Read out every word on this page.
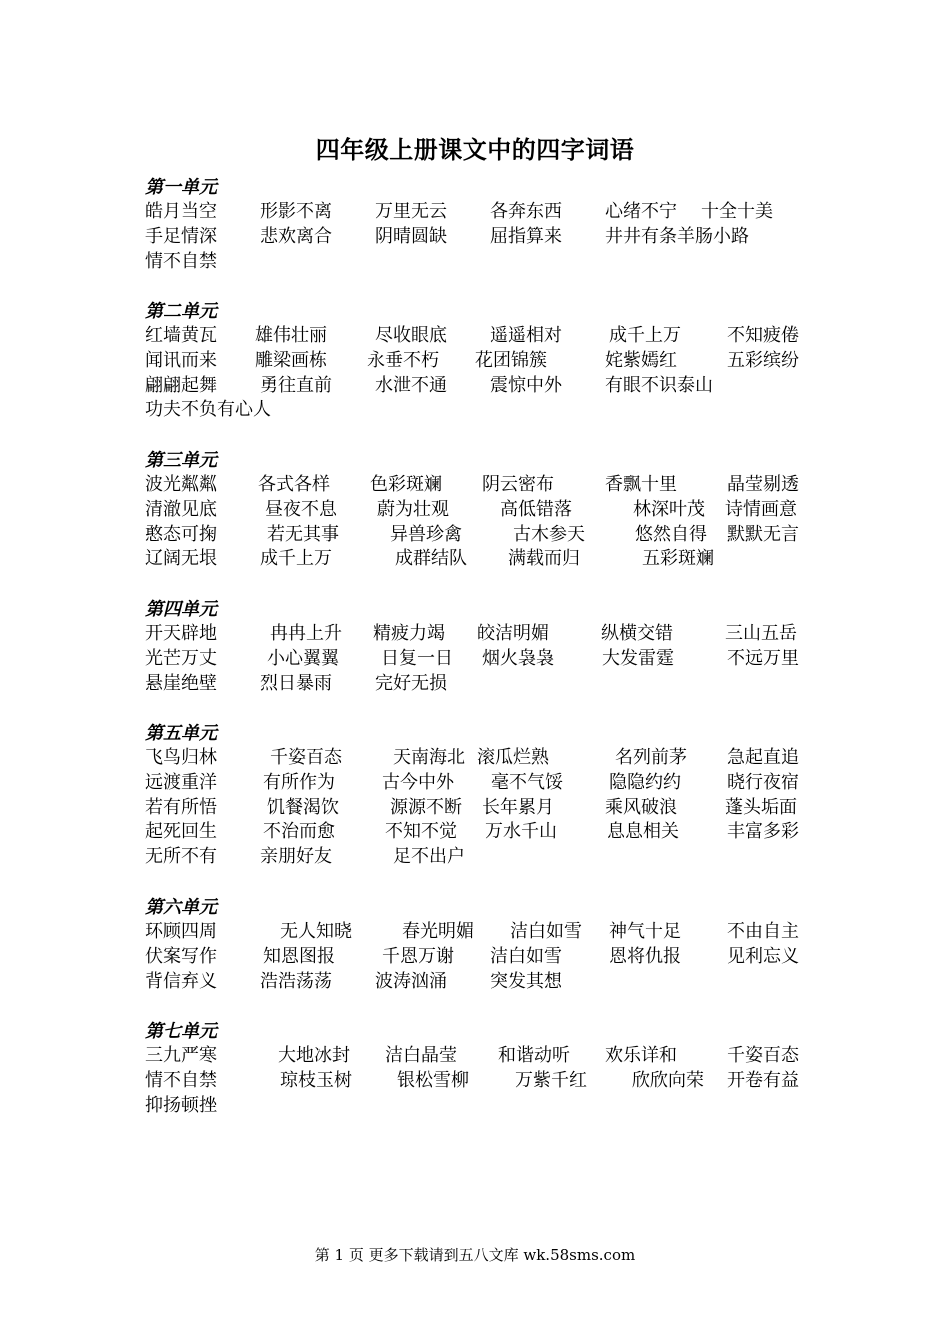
四年级上册课文中的四字词语
第一单元
皓月当空 形影不离 万里无云 各奔东西 心绪不宁 十全十美
手足情深 悲欢离合 阴晴圆缺 屈指算来 井井有条 羊肠小路
情不自禁
第二单元
红墙黄瓦 雄伟壮丽	尽收眼底 遥遥相对	成千上万	不知疲倦
闻讯而来 雕梁画栋 永垂不朽 花团锦簇	姹紫嫣红	五彩缤纷
翩翩起舞 勇往直前 水泄不通 震惊中外 有眼不识泰山
功夫不负有心人
第三单元
波光粼粼 各式各样 色彩斑斓 阴云密布	香飘十里	晶莹剔透
清澈见底	昼夜不息 蔚为壮观	高低错落	林深叶茂 诗情画意
憨态可掬	若无其事	异兽珍禽	古木参天	悠然自得 默默无言
辽阔无垠 成千上万	成群结队 满载而归	五彩斑斓
第四单元
开天辟地	冉冉上升 精疲力竭 皎洁明媚	纵横交错	三山五岳
光芒万丈	小心翼翼 日复一日 烟火袅袅	大发雷霆	不远万里
悬崖绝壁 烈日暴雨 完好无损
第五单元
飞鸟归林	千姿百态	天南海北 滚瓜烂熟	名列前茅 急起直追
远渡重洋	有所作为	古今中外 毫不气馁	隐隐约约	晓行夜宿
若有所悟	饥餐渴饮	源源不断 长年累月	乘风破浪	蓬头垢面
起死回生	不治而愈	不知不觉 万水千山	息息相关	丰富多彩
无所不有 亲朋好友	足不出户
第六单元
环顾四周	无人知晓	春光明媚 洁白如雪 神气十足	不由自主
伏案写作	知恩图报	千恩万谢 洁白如雪	恩将仇报	见利忘义
背信弃义 浩浩荡荡 波涛汹涌 突发其想
第七单元
三九严寒	大地冰封 洁白晶莹 和谐动听 欢乐详和	千姿百态
情不自禁	琼枝玉树	银松雪柳	万紫千红	欣欣向荣 开卷有益
抑扬顿挫
第 1 页 更多下载请到五八文库 wk.58sms.com
